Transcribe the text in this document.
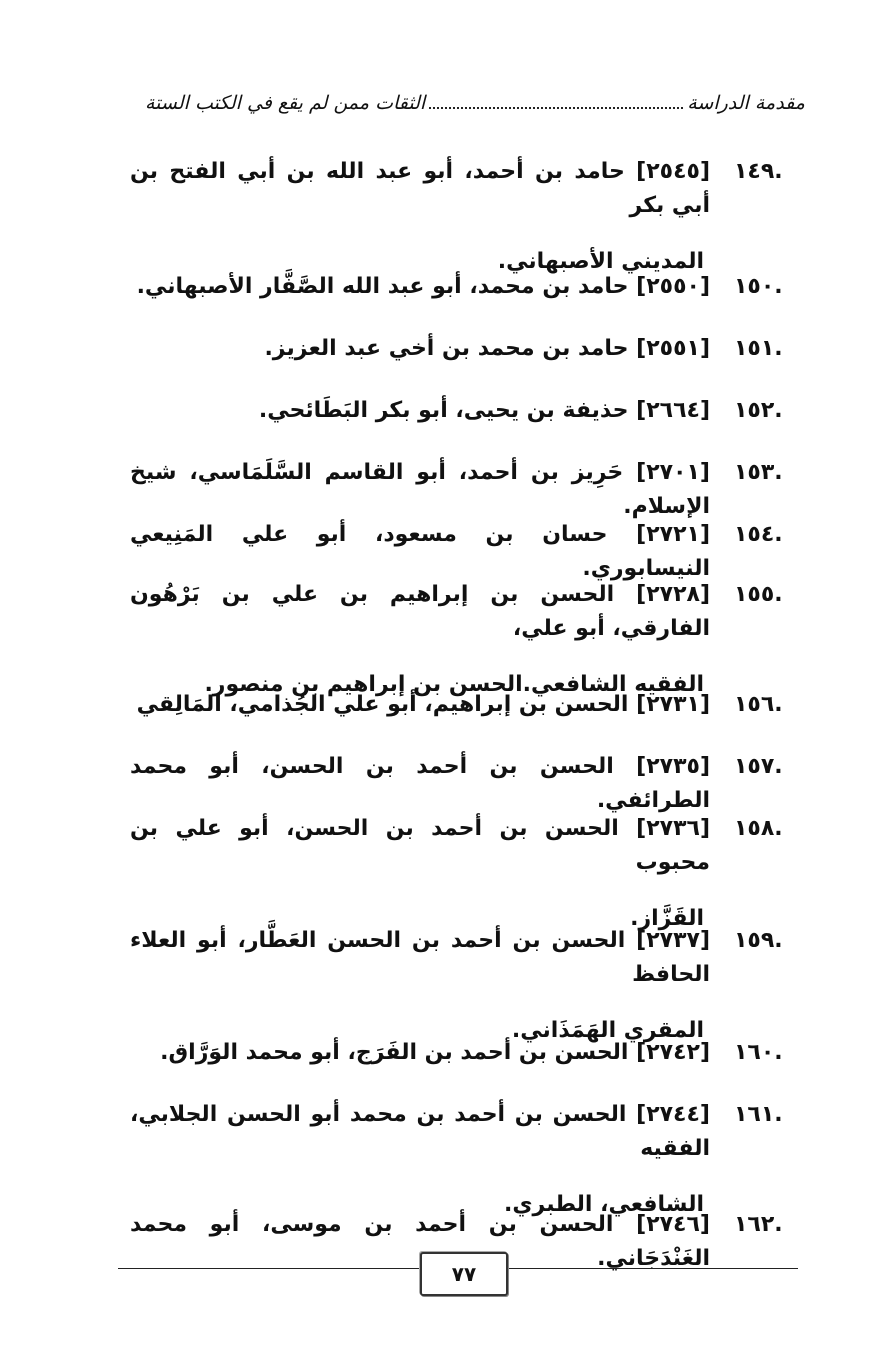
مقدمة الدراسة
الثقات ممن لم يقع في الكتب الستة
١٤٩.
[٢٥٤٥] حامد بن أحمد، أبو عبد الله بن أبي الفتح بن أبي بكر
المديني الأصبهاني.
١٥٠.
[٢٥٥٠] حامد بن محمد، أبو عبد الله الصَّفَّار الأصبهاني.
١٥١.
[٢٥٥١] حامد بن محمد بن أخي عبد العزيز.
١٥٢.
[٢٦٦٤] حذيفة بن يحيى، أبو بكر البَطَائحي.
١٥٣.
[٢٧٠١] حَرِيز بن أحمد، أبو القاسم السَّلَمَاسي، شيخ الإسلام.
١٥٤.
[٢٧٢١] حسان بن مسعود، أبو علي المَنِيعي النيسابوري.
١٥٥.
[٢٧٢٨] الحسن بن إبراهيم بن علي بن بَرْهُون الفارقي، أبو علي،
الفقيه الشافعي.الحسن بن إبراهيم بن منصور.
١٥٦.
[٢٧٣١] الحسن بن إبراهيم، أبو علي الجُذامي، المَالِقي
١٥٧.
[٢٧٣٥] الحسن بن أحمد بن الحسن، أبو محمد الطرائفي.
١٥٨.
[٢٧٣٦] الحسن بن أحمد بن الحسن، أبو علي بن محبوب
القَزَّاز.
١٥٩.
[٢٧٣٧] الحسن بن أحمد بن الحسن العَطَّار، أبو العلاء الحافظ
المقري الهَمَذَاني.
١٦٠.
[٢٧٤٢] الحسن بن أحمد بن الفَرَج، أبو محمد الوَرَّاق.
١٦١.
[٢٧٤٤] الحسن بن أحمد بن محمد أبو الحسن الجلابي، الفقيه
الشافعي، الطبري.
١٦٢.
[٢٧٤٦] الحسن بن أحمد بن موسى، أبو محمد الغَنْدَجَاني.
٧٧
